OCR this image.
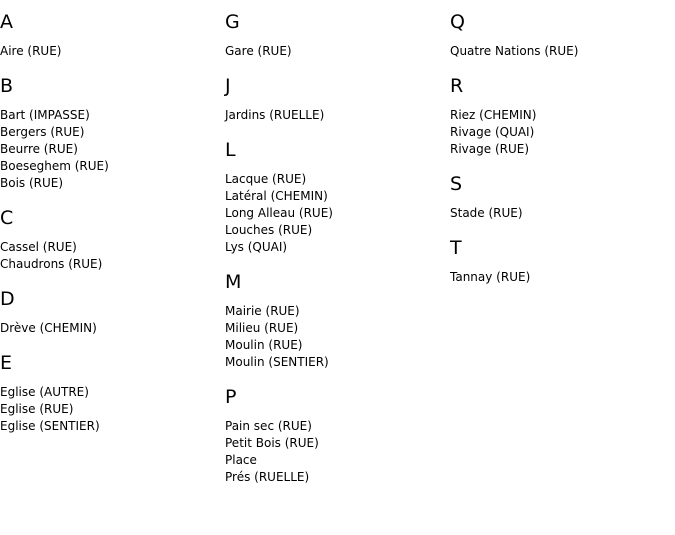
A
Aire (RUE)
B
Bart (IMPASSE)
Bergers (RUE)
Beurre (RUE)
Boeseghem (RUE)
Bois (RUE)
C
Cassel (RUE)
Chaudrons (RUE)
D
Drève (CHEMIN)
E
Eglise (AUTRE)
Eglise (RUE)
Eglise (SENTIER)
G
Gare (RUE)
J
Jardins (RUELLE)
L
Lacque (RUE)
Latéral (CHEMIN)
Long Alleau (RUE)
Louches (RUE)
Lys (QUAI)
M
Mairie (RUE)
Milieu (RUE)
Moulin (RUE)
Moulin (SENTIER)
P
Pain sec (RUE)
Petit Bois (RUE)
Place
Prés (RUELLE)
Q
Quatre Nations (RUE)
R
Riez (CHEMIN)
Rivage (QUAI)
Rivage (RUE)
S
Stade (RUE)
T
Tannay (RUE)
